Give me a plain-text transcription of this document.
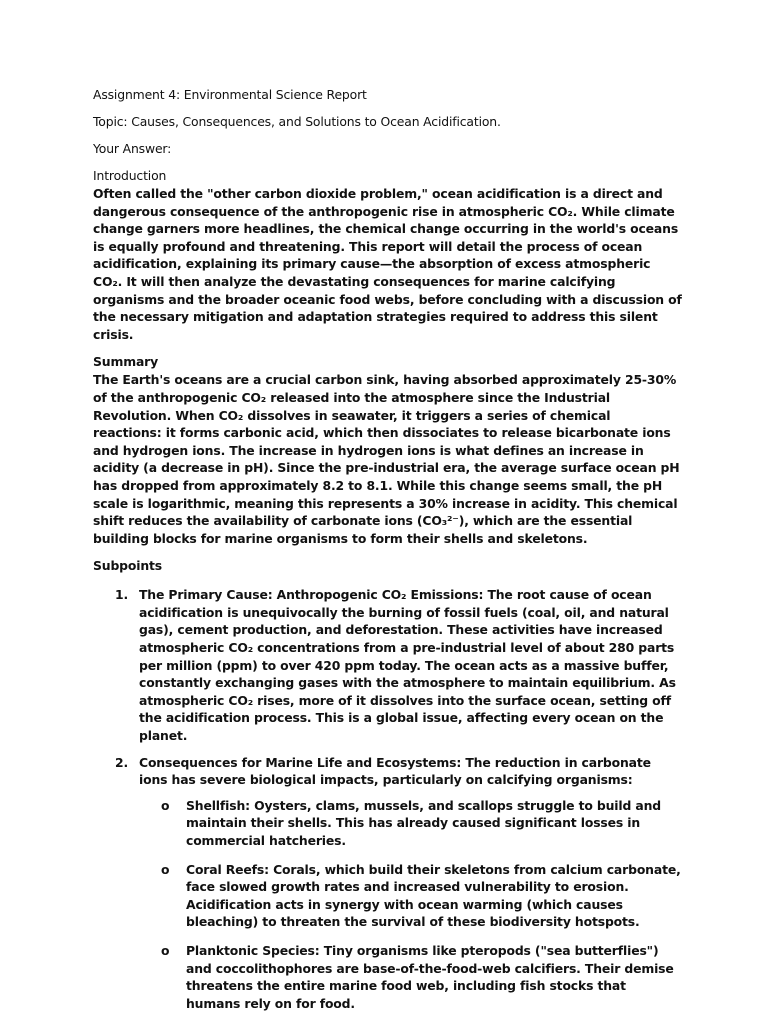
Assignment 4: Environmental Science Report

Topic: Causes, Consequences, and Solutions to Ocean Acidification.

Your Answer:

Introduction

Often called the "other carbon dioxide problem," ocean acidification is a direct and dangerous consequence of the anthropogenic rise in atmospheric CO₂. While climate change garners more headlines, the chemical change occurring in the world's oceans is equally profound and threatening. This report will detail the process of ocean acidification, explaining its primary cause—the absorption of excess atmospheric CO₂. It will then analyze the devastating consequences for marine calcifying organisms and the broader oceanic food webs, before concluding with a discussion of the necessary mitigation and adaptation strategies required to address this silent crisis.

Summary

The Earth's oceans are a crucial carbon sink, having absorbed approximately 25-30% of the anthropogenic CO₂ released into the atmosphere since the Industrial Revolution. When CO₂ dissolves in seawater, it triggers a series of chemical reactions: it forms carbonic acid, which then dissociates to release bicarbonate ions and hydrogen ions. The increase in hydrogen ions is what defines an increase in acidity (a decrease in pH). Since the pre-industrial era, the average surface ocean pH has dropped from approximately 8.2 to 8.1. While this change seems small, the pH scale is logarithmic, meaning this represents a 30% increase in acidity. This chemical shift reduces the availability of carbonate ions (CO₃²⁻), which are the essential building blocks for marine organisms to form their shells and skeletons.

Subpoints

1. The Primary Cause: Anthropogenic CO₂ Emissions: The root cause of ocean acidification is unequivocally the burning of fossil fuels (coal, oil, and natural gas), cement production, and deforestation. These activities have increased atmospheric CO₂ concentrations from a pre-industrial level of about 280 parts per million (ppm) to over 420 ppm today. The ocean acts as a massive buffer, constantly exchanging gases with the atmosphere to maintain equilibrium. As atmospheric CO₂ rises, more of it dissolves into the surface ocean, setting off the acidification process. This is a global issue, affecting every ocean on the planet.
2. Consequences for Marine Life and Ecosystems: The reduction in carbonate ions has severe biological impacts, particularly on calcifying organisms:
o Shellfish: Oysters, clams, mussels, and scallops struggle to build and maintain their shells. This has already caused significant losses in commercial hatcheries.
o Coral Reefs: Corals, which build their skeletons from calcium carbonate, face slowed growth rates and increased vulnerability to erosion. Acidification acts in synergy with ocean warming (which causes bleaching) to threaten the survival of these biodiversity hotspots.
o Planktonic Species: Tiny organisms like pteropods ("sea butterflies") and coccolithophores are base-of-the-food-web calcifiers. Their demise threatens the entire marine food web, including fish stocks that humans rely on for food.
